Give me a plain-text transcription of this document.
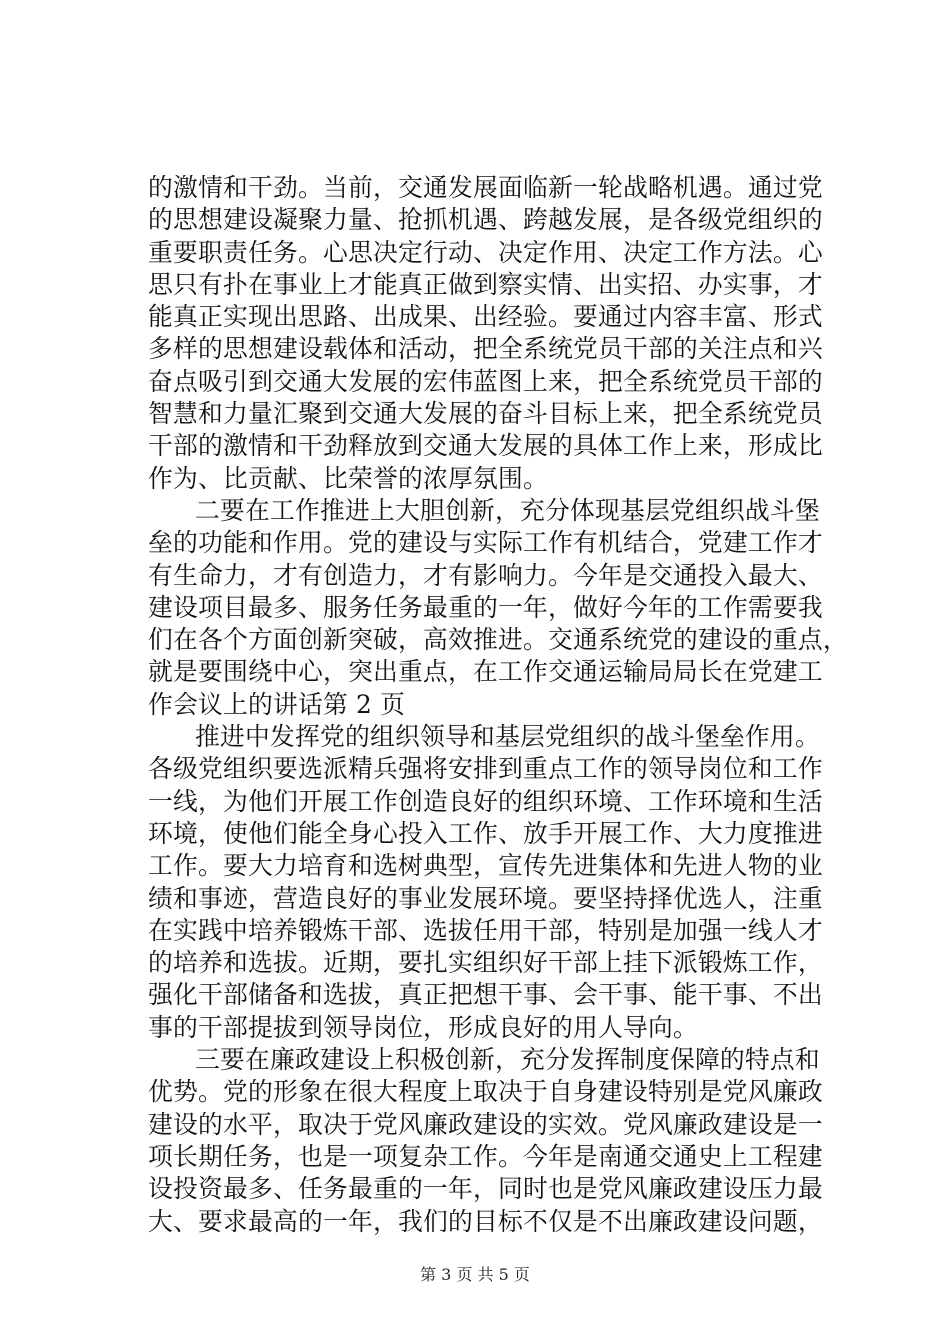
的激情和干劲。当前，交通发展面临新一轮战略机遇。通过党
的思想建设凝聚力量、抢抓机遇、跨越发展，是各级党组织的
重要职责任务。心思决定行动、决定作用、决定工作方法。心
思只有扑在事业上才能真正做到察实情、出实招、办实事，才
能真正实现出思路、出成果、出经验。要通过内容丰富、形式
多样的思想建设载体和活动，把全系统党员干部的关注点和兴
奋点吸引到交通大发展的宏伟蓝图上来，把全系统党员干部的
智慧和力量汇聚到交通大发展的奋斗目标上来，把全系统党员
干部的激情和干劲释放到交通大发展的具体工作上来，形成比
作为、比贡献、比荣誉的浓厚氛围。
二要在工作推进上大胆创新，充分体现基层党组织战斗堡
垒的功能和作用。党的建设与实际工作有机结合，党建工作才
有生命力，才有创造力，才有影响力。今年是交通投入最大、
建设项目最多、服务任务最重的一年，做好今年的工作需要我
们在各个方面创新突破，高效推进。交通系统党的建设的重点，
就是要围绕中心，突出重点，在工作交通运输局局长在党建工
作会议上的讲话第 2 页
推进中发挥党的组织领导和基层党组织的战斗堡垒作用。
各级党组织要选派精兵强将安排到重点工作的领导岗位和工作
一线，为他们开展工作创造良好的组织环境、工作环境和生活
环境，使他们能全身心投入工作、放手开展工作、大力度推进
工作。要大力培育和选树典型，宣传先进集体和先进人物的业
绩和事迹，营造良好的事业发展环境。要坚持择优选人，注重
在实践中培养锻炼干部、选拔任用干部，特别是加强一线人才
的培养和选拔。近期，要扎实组织好干部上挂下派锻炼工作，
强化干部储备和选拔，真正把想干事、会干事、能干事、不出
事的干部提拔到领导岗位，形成良好的用人导向。
三要在廉政建设上积极创新，充分发挥制度保障的特点和
优势。党的形象在很大程度上取决于自身建设特别是党风廉政
建设的水平，取决于党风廉政建设的实效。党风廉政建设是一
项长期任务，也是一项复杂工作。今年是南通交通史上工程建
设投资最多、任务最重的一年，同时也是党风廉政建设压力最
大、要求最高的一年，我们的目标不仅是不出廉政建设问题，
第 3 页 共 5 页
